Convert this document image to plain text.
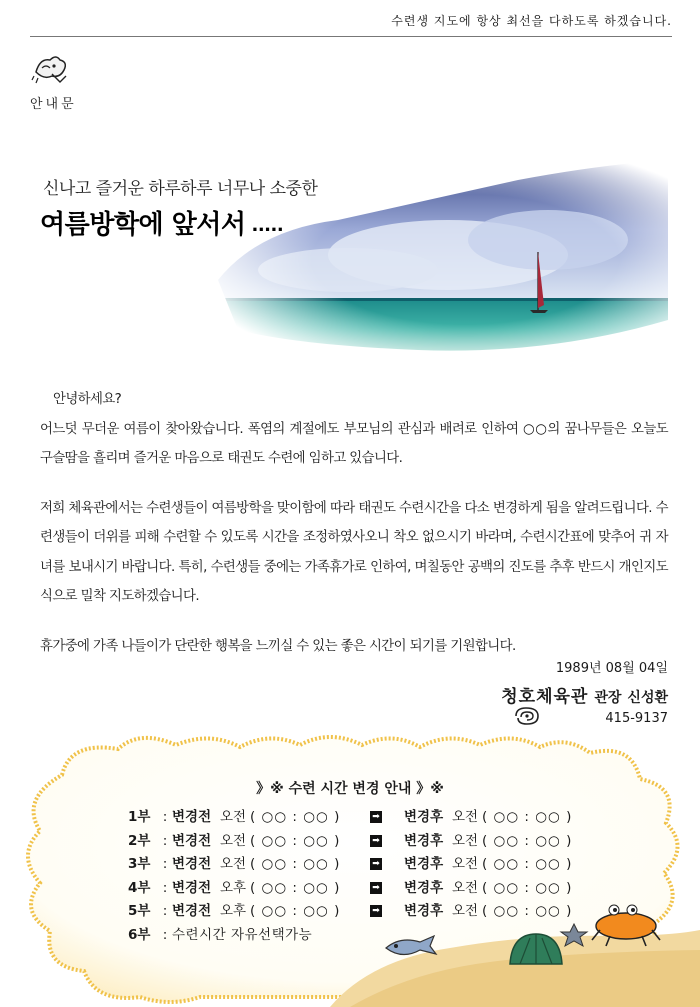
수련생 지도에 항상 최선을 다하도록 하겠습니다.
안내문
신나고 즐거운 하루하루 너무나 소중한
여름방학에 앞서서 .....

안녕하세요?

어느덧 무더운 여름이 찾아왔습니다. 폭염의 계절에도 부모님의 관심과 배려로 인하여 ○○의 꿈나무들은 오늘도 구슬땀을 흘리며 즐거운 마음으로 태권도 수련에 임하고 있습니다.

저희 체육관에서는 수련생들이 여름방학을 맞이함에 따라 태권도 수련시간을 다소 변경하게 됨을 알려드립니다. 수련생들이 더위를 피해 수련할 수 있도록 시간을 조정하였사오니 착오 없으시기 바라며, 수련시간표에 맞추어 귀 자녀를 보내시기 바랍니다. 특히, 수련생들 중에는 가족휴가로 인하여, 며칠동안 공백의 진도를 추후 반드시 개인지도식으로 밀착 지도하겠습니다.

휴가중에 가족 나들이가 단란한 행복을 느끼실 수 있는 좋은 시간이 되기를 기원합니다.

1989년 08월 04일
청호체육관 관장 신성환
415-9137
》※ 수련 시간 변경 안내 》※
1부 : 변경전 오전 ( ○○ : ○○ )	➡ 변경후 오전 ( ○○ : ○○ )
2부 : 변경전 오전 ( ○○ : ○○ )	➡ 변경후 오전 ( ○○ : ○○ )
3부 : 변경전 오전 ( ○○ : ○○ )	➡ 변경후 오전 ( ○○ : ○○ )
4부 : 변경전 오후 ( ○○ : ○○ )	➡ 변경후 오전 ( ○○ : ○○ )
5부 : 변경전 오후 ( ○○ : ○○ )	➡ 변경후 오전 ( ○○ : ○○ )
6부 : 수련시간 자유선택가능
